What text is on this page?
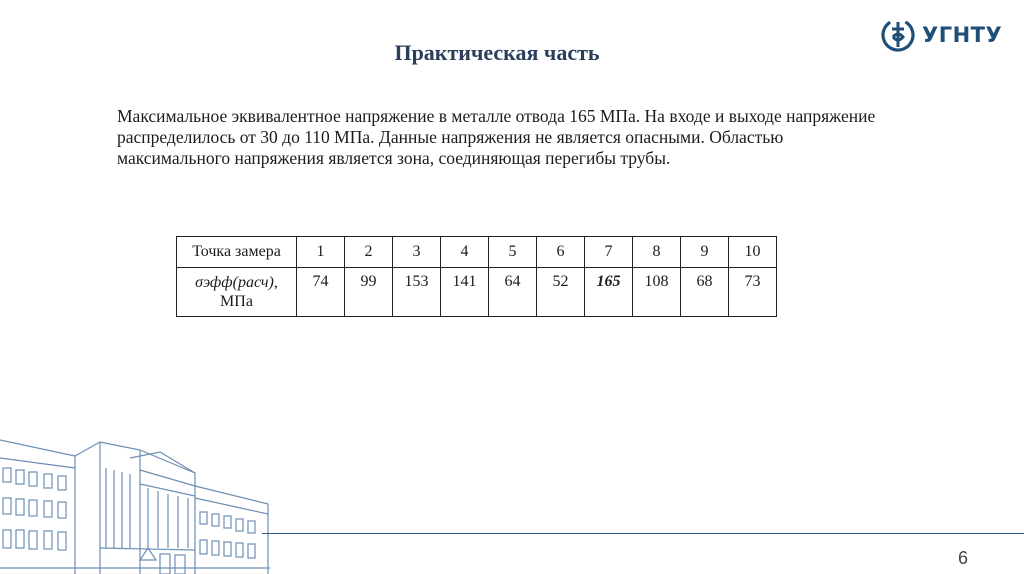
УГНТУ
Практическая часть
Максимальное эквивалентное напряжение в металле отвода 165 МПа. На входе и выходе напряжение распределилось от 30 до 110 МПа. Данные напряжения не является опасными. Областью максимального напряжения является зона, соединяющая перегибы трубы.
Точка замера	1	2	3	4	5	6	7	8	9	10
σэфф(расч), МПа	74	99	153	141	64	52	165	108	68	73
6
